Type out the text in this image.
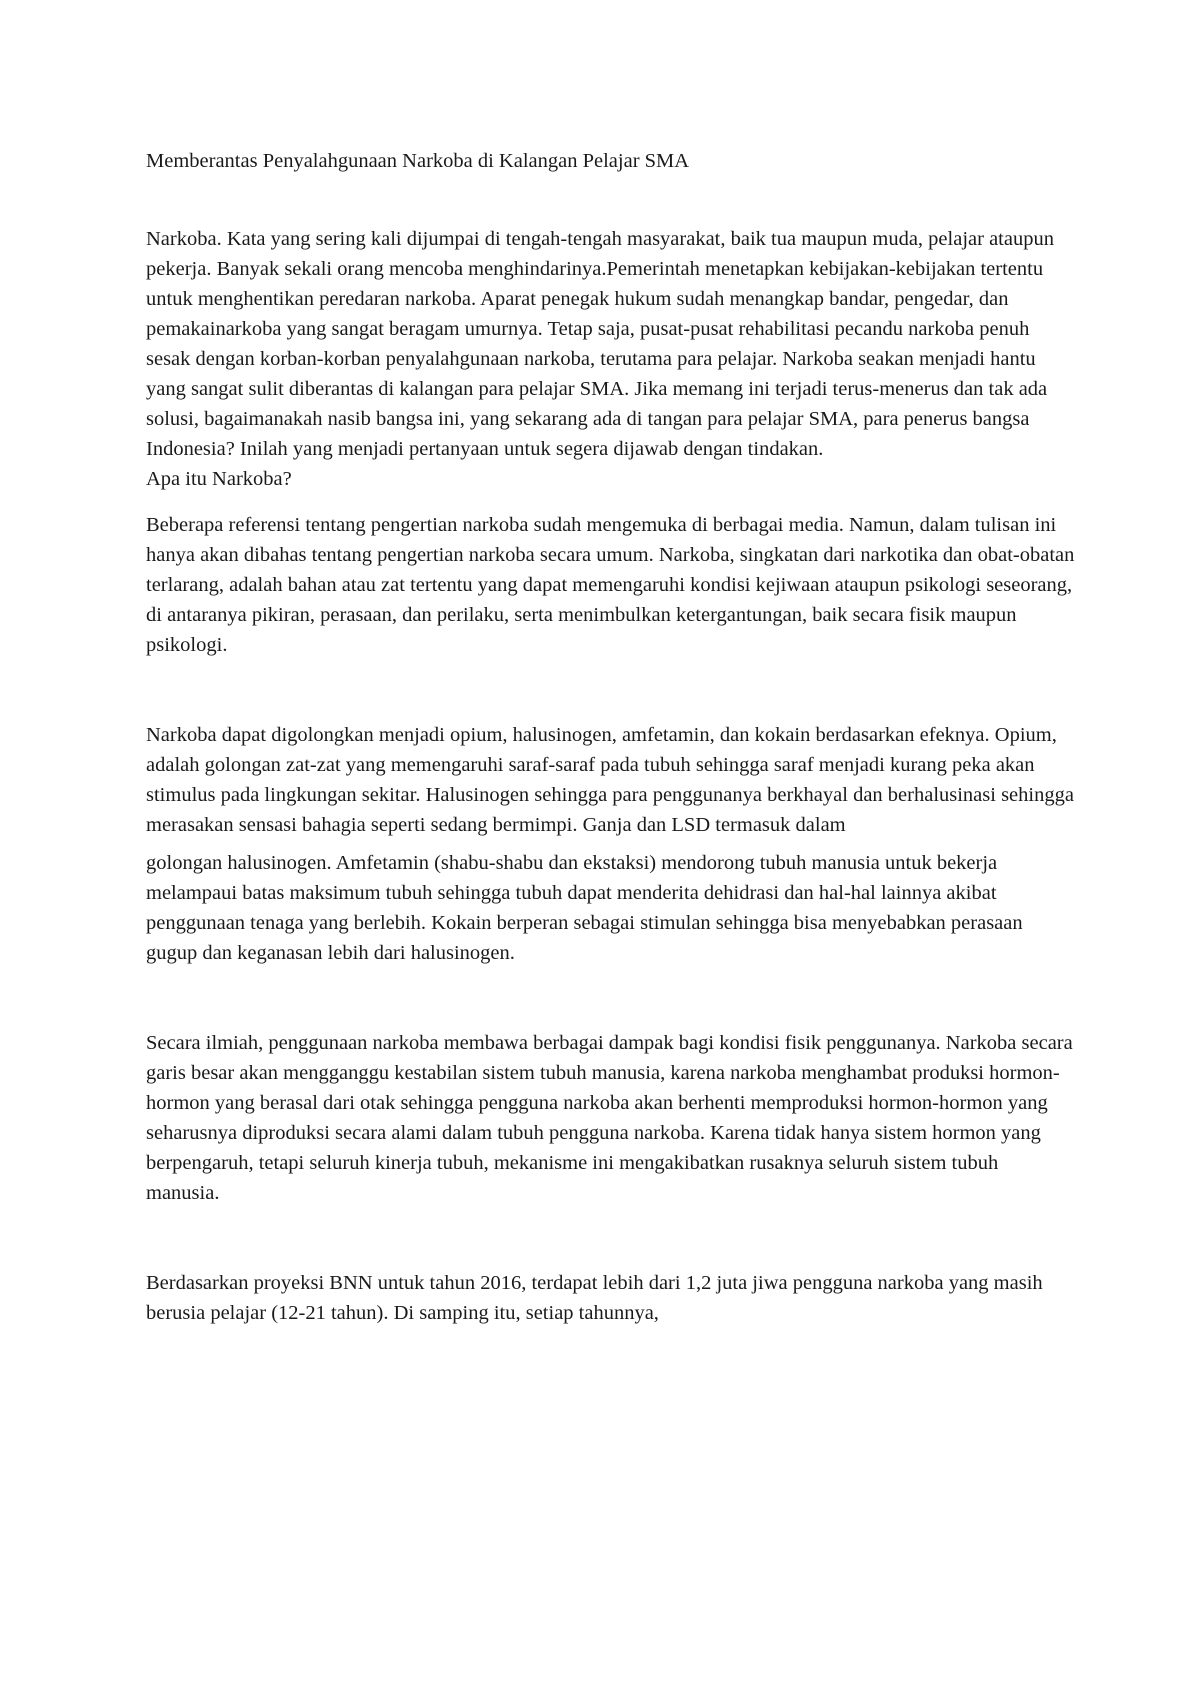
Memberantas Penyalahgunaan Narkoba di Kalangan Pelajar SMA

Narkoba. Kata yang sering kali dijumpai di tengah-tengah masyarakat, baik tua maupun muda, pelajar ataupun pekerja. Banyak sekali orang mencoba menghindarinya.Pemerintah menetapkan kebijakan-kebijakan tertentu untuk menghentikan peredaran narkoba. Aparat penegak hukum sudah menangkap bandar, pengedar, dan pemakainarkoba yang sangat beragam umurnya. Tetap saja, pusat-pusat rehabilitasi pecandu narkoba penuh sesak dengan korban-korban penyalahgunaan narkoba, terutama para pelajar. Narkoba seakan menjadi hantu yang sangat sulit diberantas di kalangan para pelajar SMA. Jika memang ini terjadi terus-menerus dan tak ada solusi, bagaimanakah nasib bangsa ini, yang sekarang ada di tangan para pelajar SMA, para penerus bangsa Indonesia? Inilah yang menjadi pertanyaan untuk segera dijawab dengan tindakan.

Apa itu Narkoba?

Beberapa referensi tentang pengertian narkoba sudah mengemuka di berbagai media. Namun, dalam tulisan ini hanya akan dibahas tentang pengertian narkoba secara umum. Narkoba, singkatan dari narkotika dan obat-obatan terlarang, adalah bahan atau zat tertentu yang dapat memengaruhi kondisi kejiwaan ataupun psikologi seseorang, di antaranya pikiran, perasaan, dan perilaku, serta menimbulkan ketergantungan, baik secara fisik maupun psikologi.

Narkoba dapat digolongkan menjadi opium, halusinogen, amfetamin, dan kokain berdasarkan efeknya. Opium, adalah golongan zat-zat yang memengaruhi saraf-saraf pada tubuh sehingga saraf menjadi kurang peka akan stimulus pada lingkungan sekitar. Halusinogen sehingga para penggunanya berkhayal dan berhalusinasi sehingga merasakan sensasi bahagia seperti sedang bermimpi. Ganja dan LSD termasuk dalam

golongan halusinogen. Amfetamin (shabu-shabu dan ekstaksi) mendorong tubuh manusia untuk bekerja melampaui batas maksimum tubuh sehingga tubuh dapat menderita dehidrasi dan hal-hal lainnya akibat penggunaan tenaga yang berlebih. Kokain berperan sebagai stimulan sehingga bisa menyebabkan perasaan gugup dan keganasan lebih dari halusinogen.

Secara ilmiah, penggunaan narkoba membawa berbagai dampak bagi kondisi fisik penggunanya. Narkoba secara garis besar akan mengganggu kestabilan sistem tubuh manusia, karena narkoba menghambat produksi hormon-hormon yang berasal dari otak sehingga pengguna narkoba akan berhenti memproduksi hormon-hormon yang seharusnya diproduksi secara alami dalam tubuh pengguna narkoba. Karena tidak hanya sistem hormon yang berpengaruh, tetapi seluruh kinerja tubuh, mekanisme ini mengakibatkan rusaknya seluruh sistem tubuh manusia.

Berdasarkan proyeksi BNN untuk tahun 2016, terdapat lebih dari 1,2 juta jiwa pengguna narkoba yang masih berusia pelajar (12-21 tahun). Di samping itu, setiap tahunnya,
